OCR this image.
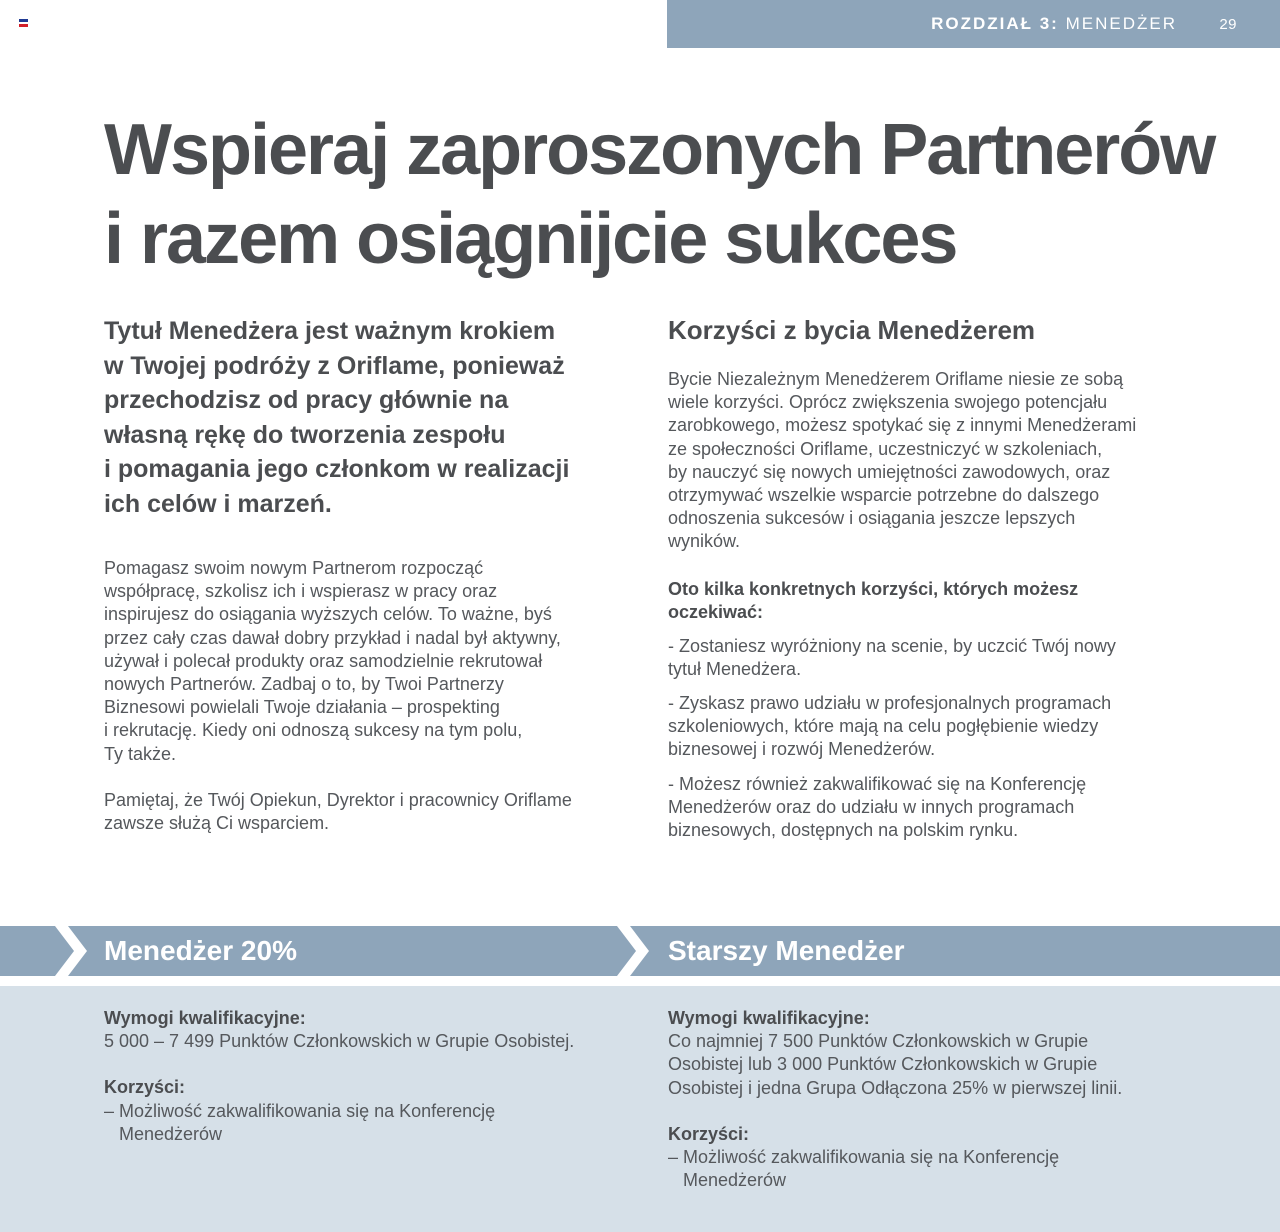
ROZDZIAŁ 3: MENEDŻER	29
Wspieraj zaproszonych Partnerów
i razem osiągnijcie sukces
Tytuł Menedżera jest ważnym krokiem
w Twojej podróży z Oriflame, ponieważ
przechodzisz od pracy głównie na
własną rękę do tworzenia zespołu
i pomagania jego członkom w realizacji
ich celów i marzeń.
Pomagasz swoim nowym Partnerom rozpocząć
współpracę, szkolisz ich i wspierasz w pracy oraz
inspirujesz do osiągania wyższych celów. To ważne, byś
przez cały czas dawał dobry przykład i nadal był aktywny,
używał i polecał produkty oraz samodzielnie rekrutował
nowych Partnerów. Zadbaj o to, by Twoi Partnerzy
Biznesowi powielali Twoje działania – prospekting
i rekrutację. Kiedy oni odnoszą sukcesy na tym polu,
Ty także.
Pamiętaj, że Twój Opiekun, Dyrektor i pracownicy Oriflame
zawsze służą Ci wsparciem.
Korzyści z bycia Menedżerem
Bycie Niezależnym Menedżerem Oriflame niesie ze sobą
wiele korzyści. Oprócz zwiększenia swojego potencjału
zarobkowego, możesz spotykać się z innymi Menedżerami
ze społeczności Oriflame, uczestniczyć w szkoleniach,
by nauczyć się nowych umiejętności zawodowych, oraz
otrzymywać wszelkie wsparcie potrzebne do dalszego
odnoszenia sukcesów i osiągania jeszcze lepszych
wyników.
Oto kilka konkretnych korzyści, których możesz
oczekiwać:
- Zostaniesz wyróżniony na scenie, by uczcić Twój nowy
tytuł Menedżera.
- Zyskasz prawo udziału w profesjonalnych programach
szkoleniowych, które mają na celu pogłębienie wiedzy
biznesowej i rozwój Menedżerów.
- Możesz również zakwalifikować się na Konferencję
Menedżerów oraz do udziału w innych programach
biznesowych, dostępnych na polskim rynku.
Menedżer 20%	Starszy Menedżer
Wymogi kwalifikacyjne:
5 000 – 7 499 Punktów Członkowskich w Grupie Osobistej.
Korzyści:
– Możliwość zakwalifikowania się na Konferencję
Menedżerów
Wymogi kwalifikacyjne:
Co najmniej 7 500 Punktów Członkowskich w Grupie
Osobistej lub 3 000 Punktów Członkowskich w Grupie
Osobistej i jedna Grupa Odłączona 25% w pierwszej linii.
Korzyści:
– Możliwość zakwalifikowania się na Konferencję
Menedżerów
